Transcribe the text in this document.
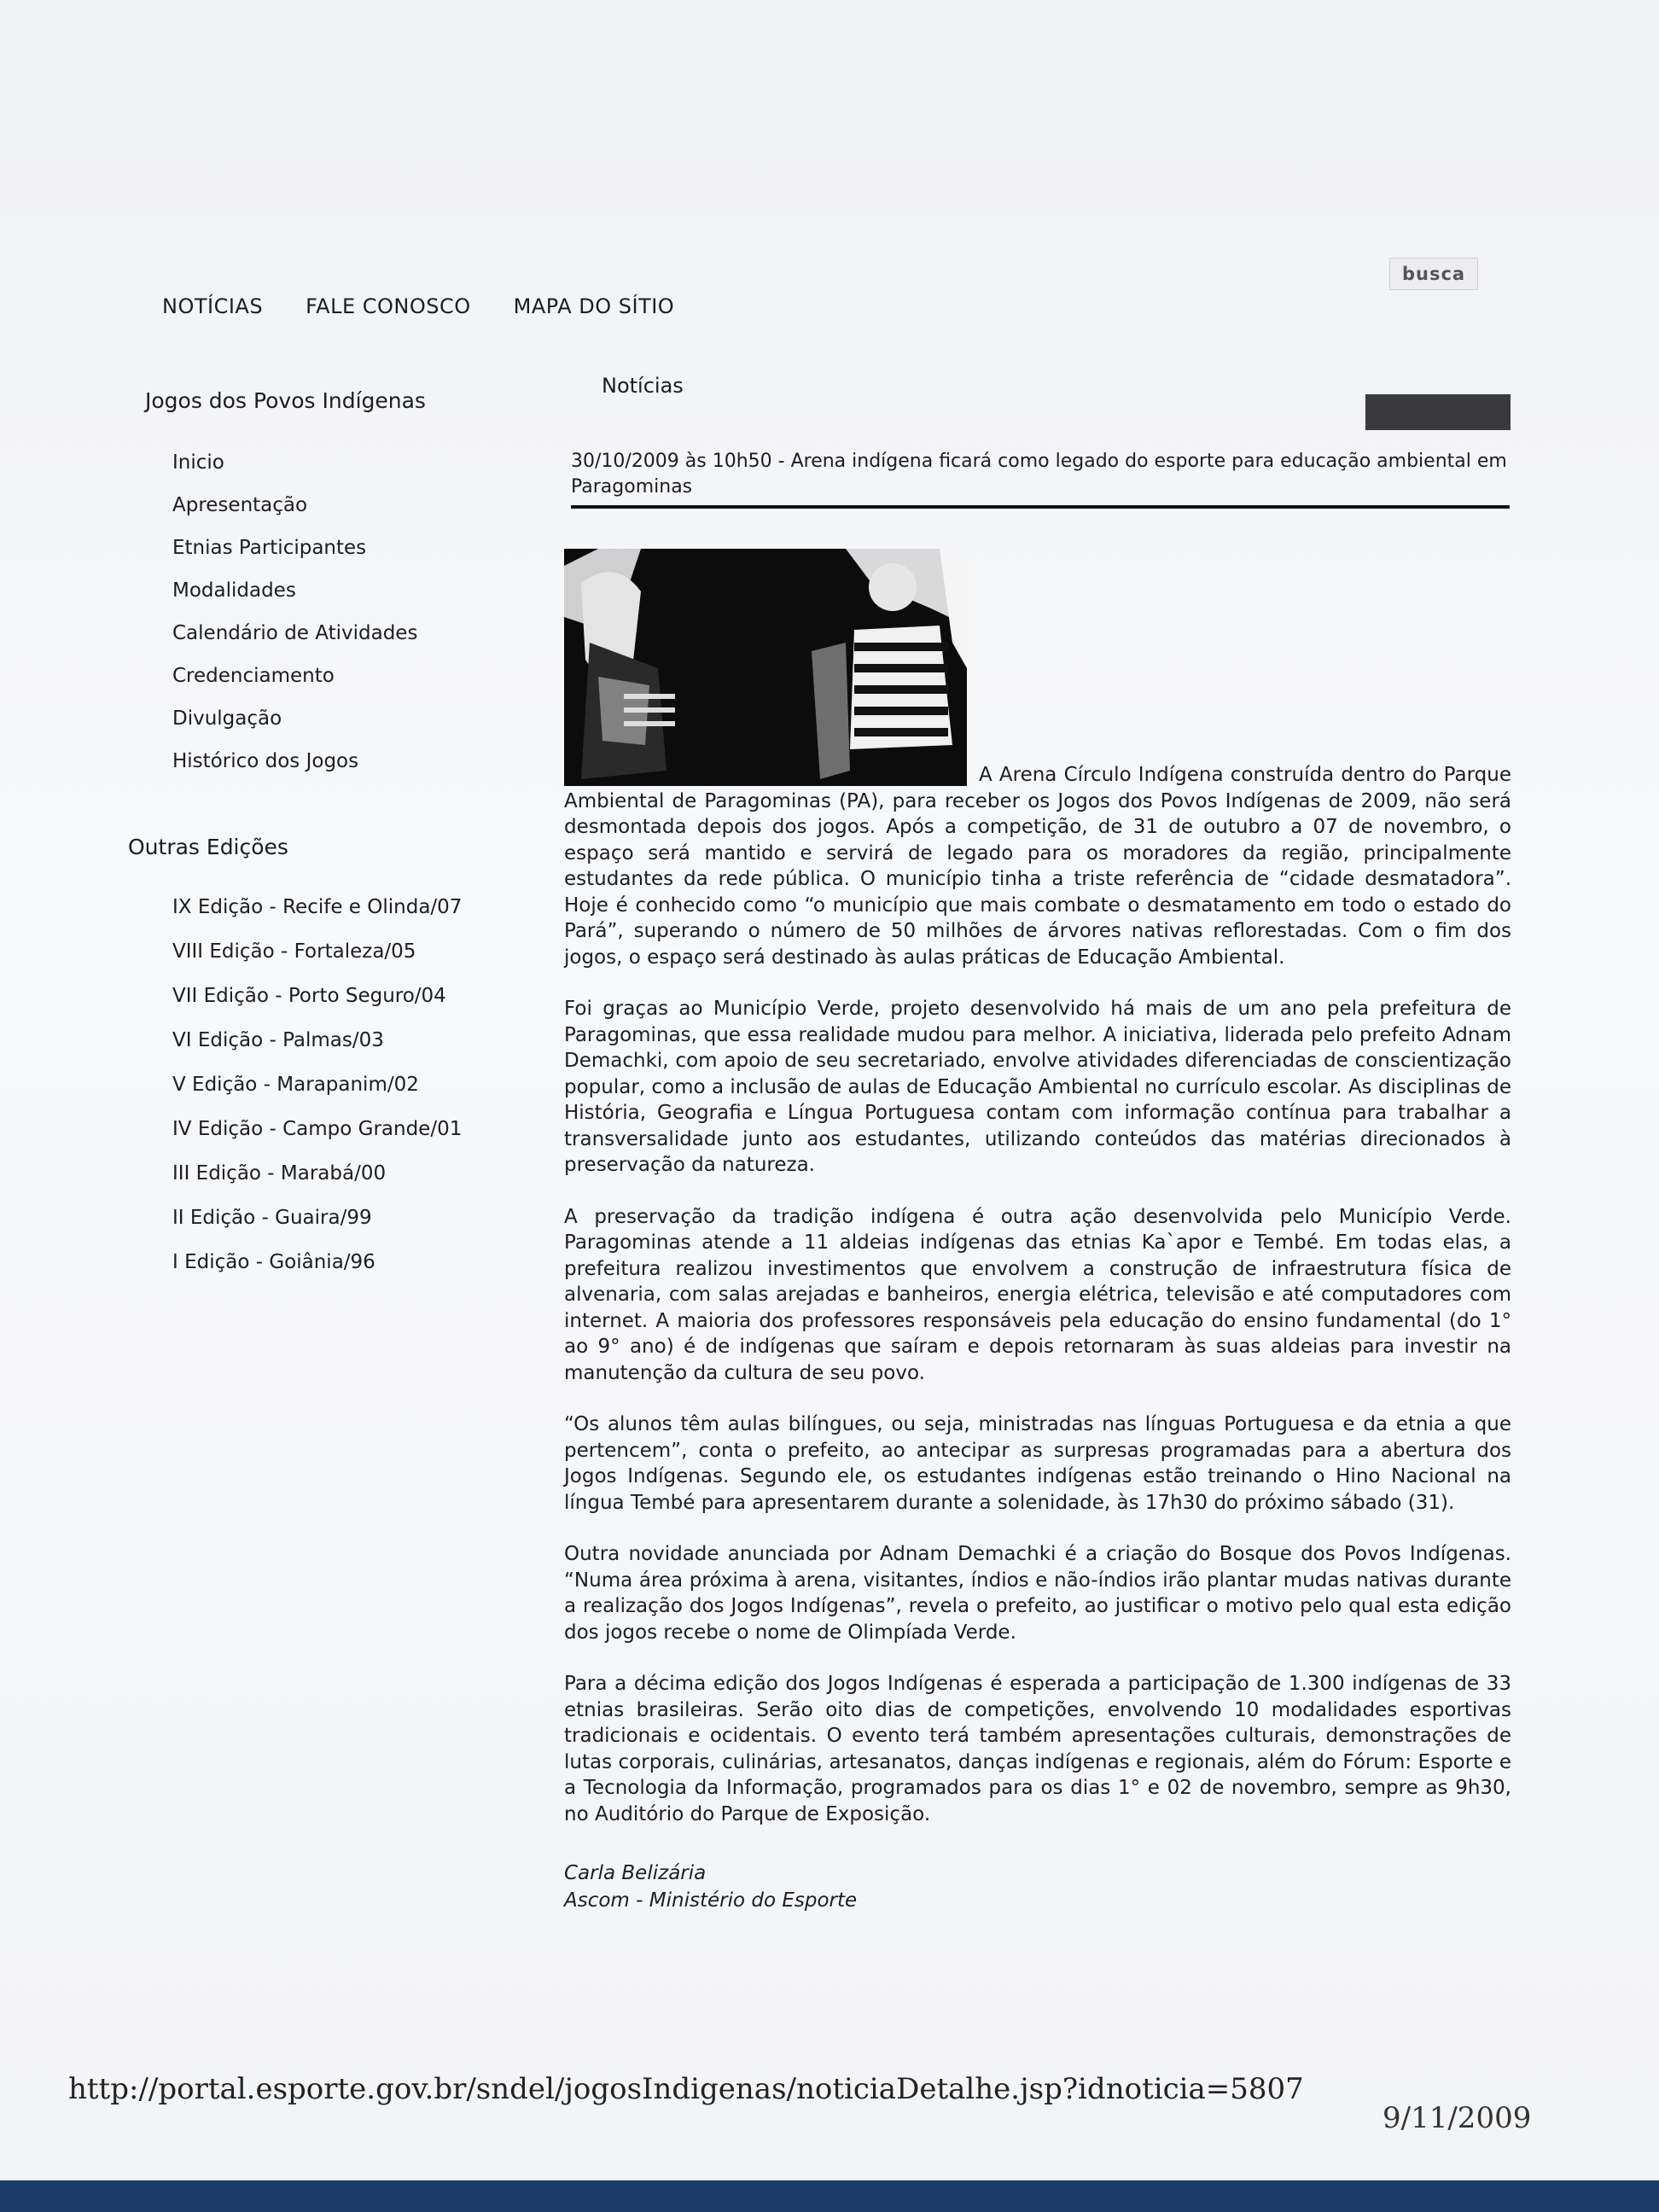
busca
NOTÍCIAS FALE CONOSCO MAPA DO SÍTIO
Jogos dos Povos Indígenas
Inicio
Apresentação
Etnias Participantes
Modalidades
Calendário de Atividades
Credenciamento
Divulgação
Histórico dos Jogos
Outras Edições
IX Edição - Recife e Olinda/07
VIII Edição - Fortaleza/05
VII Edição - Porto Seguro/04
VI Edição - Palmas/03
V Edição - Marapanim/02
IV Edição - Campo Grande/01
III Edição - Marabá/00
II Edição - Guaira/99
I Edição - Goiânia/96
Notícias
30/10/2009 às 10h50 - Arena indígena ficará como legado do esporte para educação ambiental em Paragominas

A Arena Círculo Indígena construída dentro do Parque Ambiental de Paragominas (PA), para receber os Jogos dos Povos Indígenas de 2009, não será desmontada depois dos jogos. Após a competição, de 31 de outubro a 07 de novembro, o espaço será mantido e servirá de legado para os moradores da região, principalmente estudantes da rede pública. O município tinha a triste referência de “cidade desmatadora”. Hoje é conhecido como “o município que mais combate o desmatamento em todo o estado do Pará”, superando o número de 50 milhões de árvores nativas reflorestadas. Com o fim dos jogos, o espaço será destinado às aulas práticas de Educação Ambiental.

Foi graças ao Município Verde, projeto desenvolvido há mais de um ano pela prefeitura de Paragominas, que essa realidade mudou para melhor. A iniciativa, liderada pelo prefeito Adnam Demachki, com apoio de seu secretariado, envolve atividades diferenciadas de conscientização popular, como a inclusão de aulas de Educação Ambiental no currículo escolar. As disciplinas de História, Geografia e Língua Portuguesa contam com informação contínua para trabalhar a transversalidade junto aos estudantes, utilizando conteúdos das matérias direcionados à preservação da natureza.

A preservação da tradição indígena é outra ação desenvolvida pelo Município Verde. Paragominas atende a 11 aldeias indígenas das etnias Ka`apor e Tembé. Em todas elas, a prefeitura realizou investimentos que envolvem a construção de infraestrutura física de alvenaria, com salas arejadas e banheiros, energia elétrica, televisão e até computadores com internet. A maioria dos professores responsáveis pela educação do ensino fundamental (do 1° ao 9° ano) é de indígenas que saíram e depois retornaram às suas aldeias para investir na manutenção da cultura de seu povo.

“Os alunos têm aulas bilíngues, ou seja, ministradas nas línguas Portuguesa e da etnia a que pertencem”, conta o prefeito, ao antecipar as surpresas programadas para a abertura dos Jogos Indígenas. Segundo ele, os estudantes indígenas estão treinando o Hino Nacional na língua Tembé para apresentarem durante a solenidade, às 17h30 do próximo sábado (31).

Outra novidade anunciada por Adnam Demachki é a criação do Bosque dos Povos Indígenas. “Numa área próxima à arena, visitantes, índios e não-índios irão plantar mudas nativas durante a realização dos Jogos Indígenas”, revela o prefeito, ao justificar o motivo pelo qual esta edição dos jogos recebe o nome de Olimpíada Verde.

Para a décima edição dos Jogos Indígenas é esperada a participação de 1.300 indígenas de 33 etnias brasileiras. Serão oito dias de competições, envolvendo 10 modalidades esportivas tradicionais e ocidentais. O evento terá também apresentações culturais, demonstrações de lutas corporais, culinárias, artesanatos, danças indígenas e regionais, além do Fórum: Esporte e a Tecnologia da Informação, programados para os dias 1° e 02 de novembro, sempre as 9h30, no Auditório do Parque de Exposição.

Carla Belizária
Ascom - Ministério do Esporte
http://portal.esporte.gov.br/sndel/jogosIndigenas/noticiaDetalhe.jsp?idnoticia=5807
9/11/2009
